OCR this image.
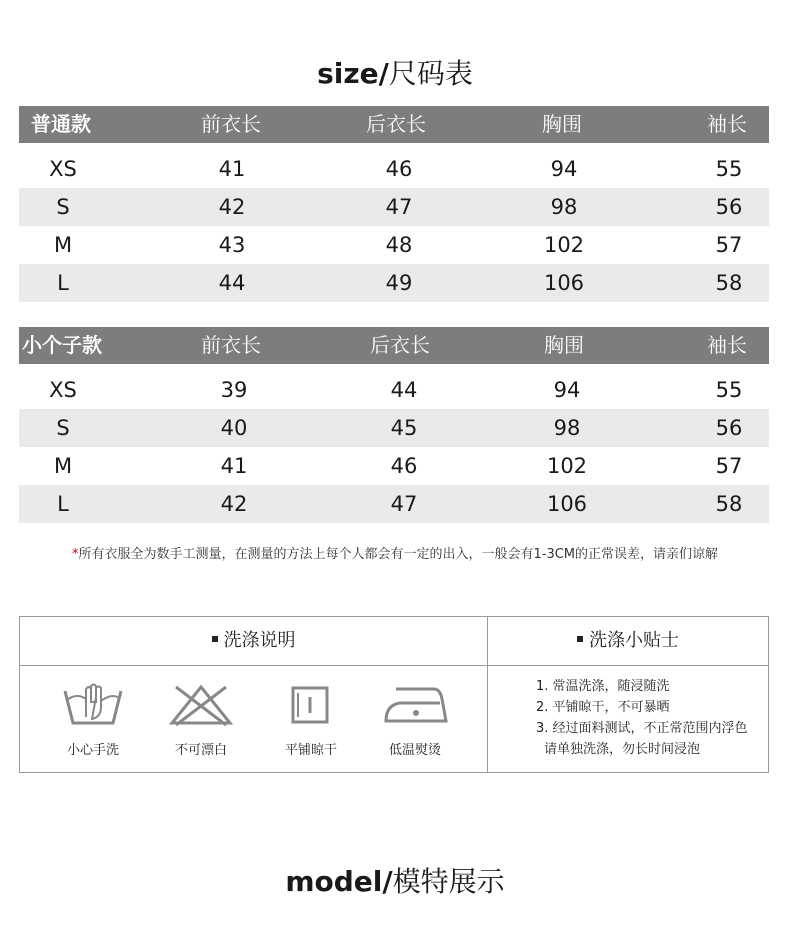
size/尺码表
普通款	前衣长	后衣长	胸围	袖长
XS	41	46	94	55
S	42	47	98	56
M	43	48	102	57
L	44	49	106	58
小个子款	前衣长	后衣长	胸围	袖长
XS	39	44	94	55
S	40	45	98	56
M	41	46	102	57
L	42	47	106	58
*所有衣服全为数手工测量，在测量的方法上每个人都会有一定的出入，一般会有1-3CM的正常误差，请亲们谅解
洗涤说明	洗涤小贴士
小心手洗	不可漂白	平铺晾干	低温熨烫
1. 常温洗涤，随浸随洗
2. 平铺晾干，不可暴晒
3. 经过面料测试，不正常范围内浮色
请单独洗涤，勿长时间浸泡
model/模特展示
